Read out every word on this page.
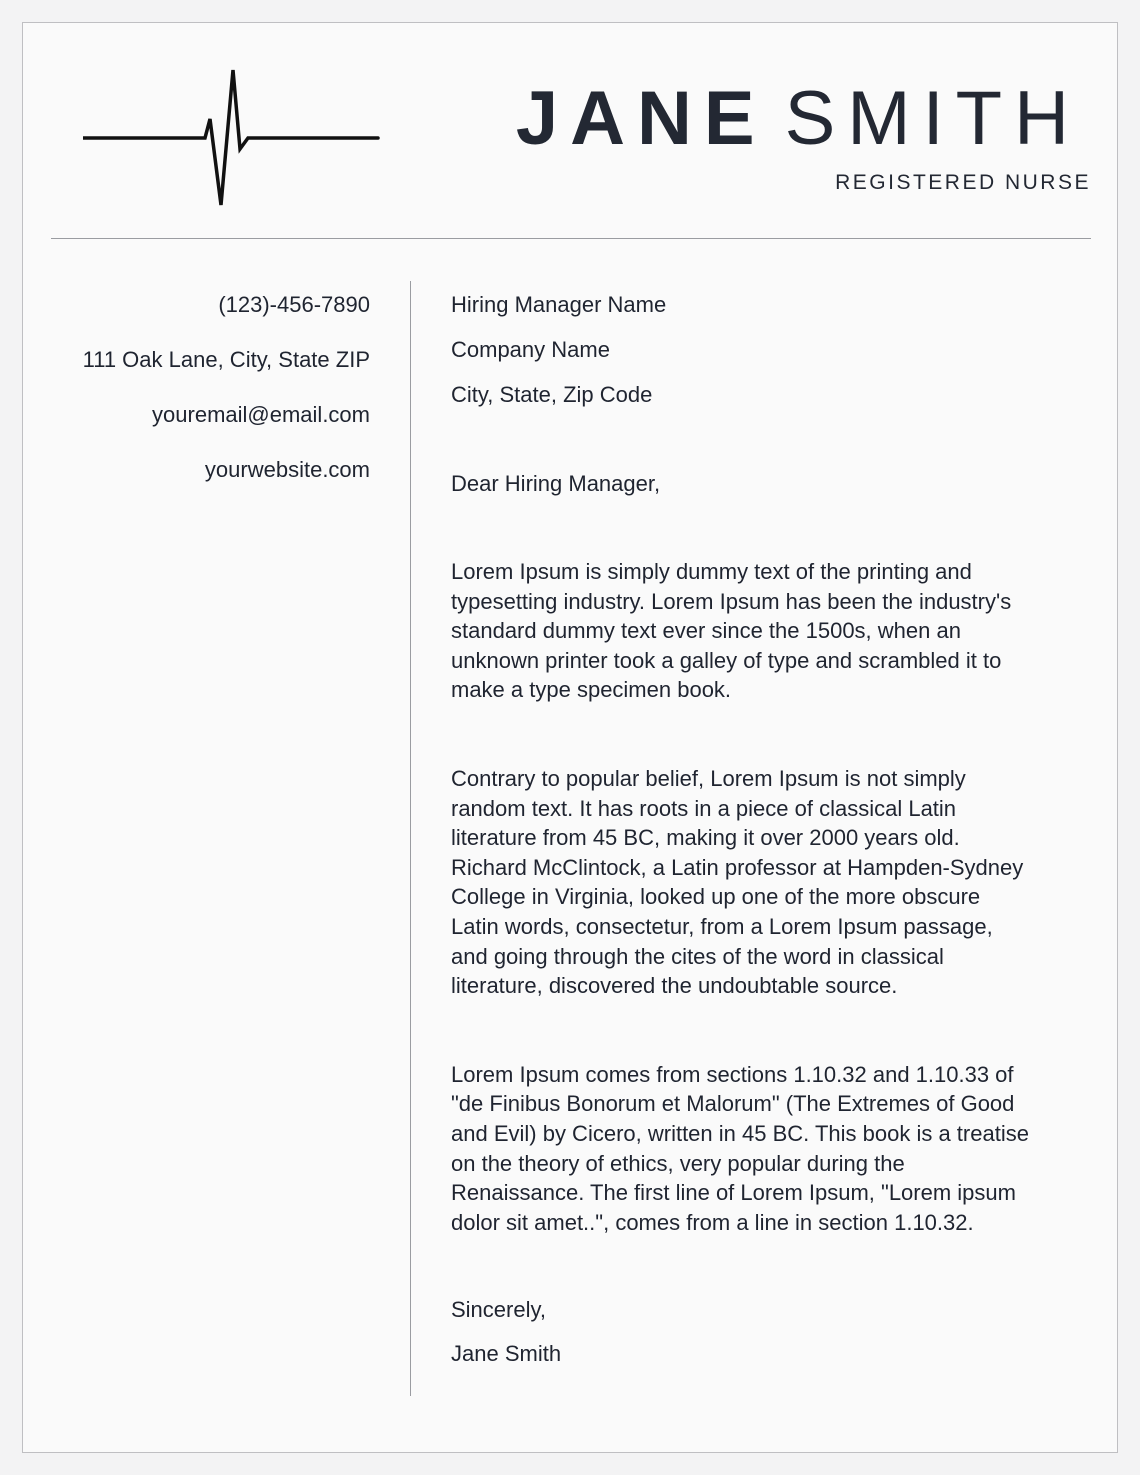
JANE SMITH
REGISTERED NURSE
(123)-456-7890
111 Oak Lane, City, State ZIP
youremail@email.com
yourwebsite.com
Hiring Manager Name
Company Name
City, State, Zip Code
Dear Hiring Manager,
Lorem Ipsum is simply dummy text of the printing and
typesetting industry. Lorem Ipsum has been the industry's
standard dummy text ever since the 1500s, when an
unknown printer took a galley of type and scrambled it to
make a type specimen book.
Contrary to popular belief, Lorem Ipsum is not simply
random text. It has roots in a piece of classical Latin
literature from 45 BC, making it over 2000 years old.
Richard McClintock, a Latin professor at Hampden-Sydney
College in Virginia, looked up one of the more obscure
Latin words, consectetur, from a Lorem Ipsum passage,
and going through the cites of the word in classical
literature, discovered the undoubtable source.
Lorem Ipsum comes from sections 1.10.32 and 1.10.33 of
"de Finibus Bonorum et Malorum" (The Extremes of Good
and Evil) by Cicero, written in 45 BC. This book is a treatise
on the theory of ethics, very popular during the
Renaissance. The first line of Lorem Ipsum, "Lorem ipsum
dolor sit amet..", comes from a line in section 1.10.32.
Sincerely,
Jane Smith
